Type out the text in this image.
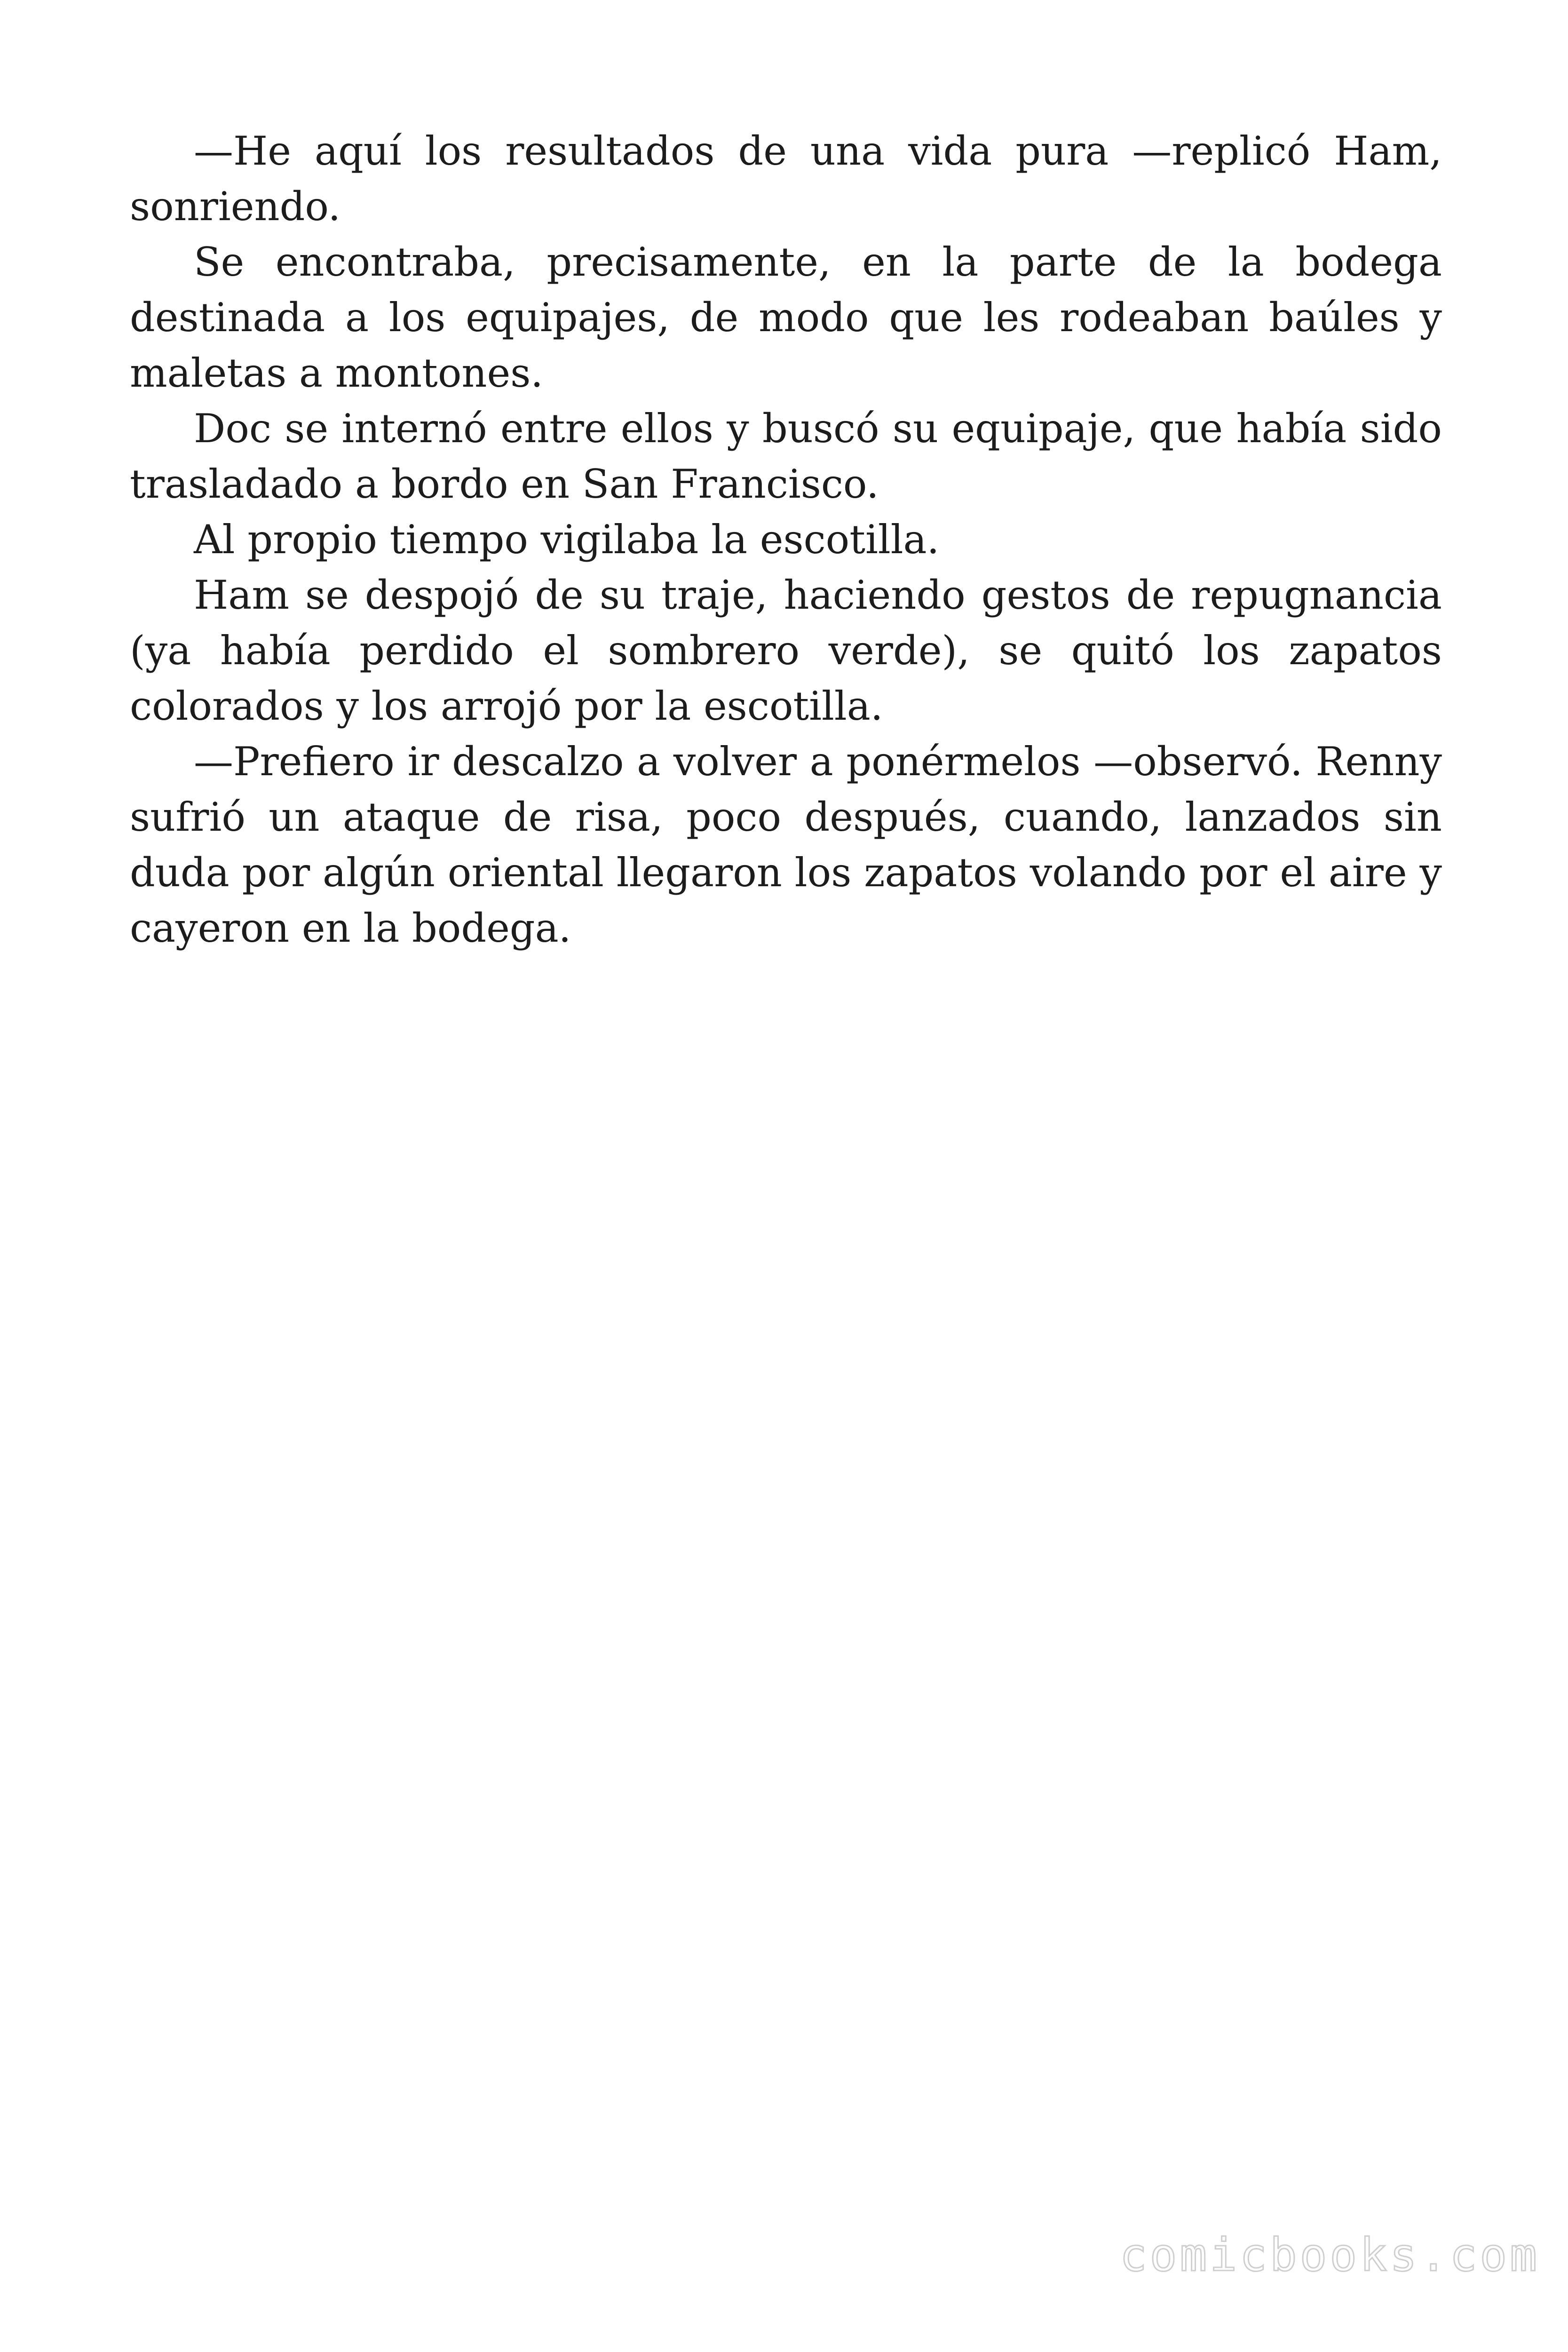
—He aquí los resultados de una vida pura —replicó Ham, sonriendo.

Se encontraba, precisamente, en la parte de la bodega destinada a los equipajes, de modo que les rodeaban baúles y maletas a montones.

Doc se internó entre ellos y buscó su equipaje, que había sido trasladado a bordo en San Francisco.

Al propio tiempo vigilaba la escotilla.

Ham se despojó de su traje, haciendo gestos de repugnancia (ya había perdido el sombrero verde), se quitó los zapatos colorados y los arrojó por la escotilla.

—Prefiero ir descalzo a volver a ponérmelos —observó. Renny sufrió un ataque de risa, poco después, cuando, lanzados sin duda por algún oriental llegaron los zapatos volando por el aire y cayeron en la bodega.

comicbooks.com
